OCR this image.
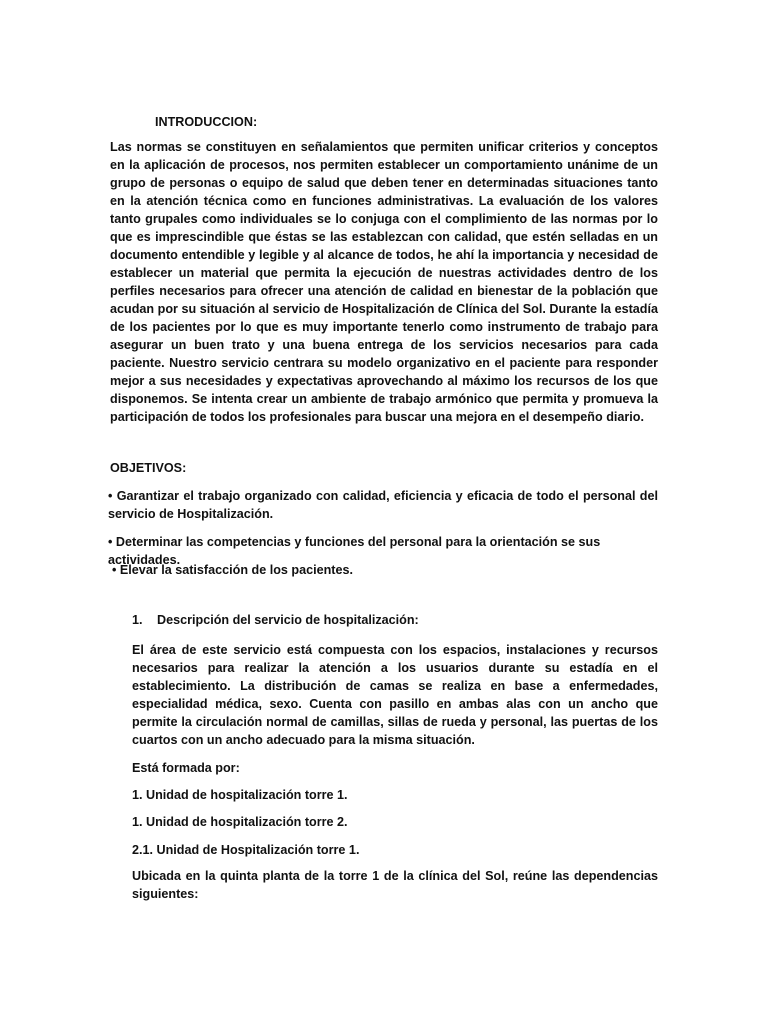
INTRODUCCION:

Las normas se constituyen en señalamientos que permiten unificar criterios y conceptos en la aplicación de procesos, nos permiten establecer un comportamiento unánime de un grupo de personas o equipo de salud que deben tener en determinadas situaciones tanto en la atención técnica como en funciones administrativas. La evaluación de los valores tanto grupales como individuales se lo conjuga con el complimiento de las normas por lo que es imprescindible que éstas se las establezcan con calidad, que estén selladas en un documento entendible y legible y al alcance de todos, he ahí la importancia y necesidad de establecer un material que permita la ejecución de nuestras actividades dentro de los perfiles necesarios para ofrecer una atención de calidad en bienestar de la población que acudan por su situación al servicio de Hospitalización de Clínica del Sol. Durante la estadía de los pacientes por lo que es muy importante tenerlo como instrumento de trabajo para asegurar un buen trato y una buena entrega de los servicios necesarios para cada paciente. Nuestro servicio centrara su modelo organizativo en el paciente para responder mejor a sus necesidades y expectativas aprovechando al máximo los recursos de los que disponemos. Se intenta crear un ambiente de trabajo armónico que permita y promueva la participación de todos los profesionales para buscar una mejora en el desempeño diario.

OBJETIVOS:

• Garantizar el trabajo organizado con calidad, eficiencia y eficacia de todo el personal del servicio de Hospitalización.

• Determinar las competencias y funciones del personal para la orientación se sus actividades.

• Elevar la satisfacción de los pacientes.

1. Descripción del servicio de hospitalización:

El área de este servicio está compuesta con los espacios, instalaciones y recursos necesarios para realizar la atención a los usuarios durante su estadía en el establecimiento. La distribución de camas se realiza en base a enfermedades, especialidad médica, sexo. Cuenta con pasillo en ambas alas con un ancho que permite la circulación normal de camillas, sillas de rueda y personal, las puertas de los cuartos con un ancho adecuado para la misma situación.

Está formada por:

1. Unidad de hospitalización torre 1.

1. Unidad de hospitalización torre 2.

2.1. Unidad de Hospitalización torre 1.

Ubicada en la quinta planta de la torre 1 de la clínica del Sol, reúne las dependencias siguientes:
